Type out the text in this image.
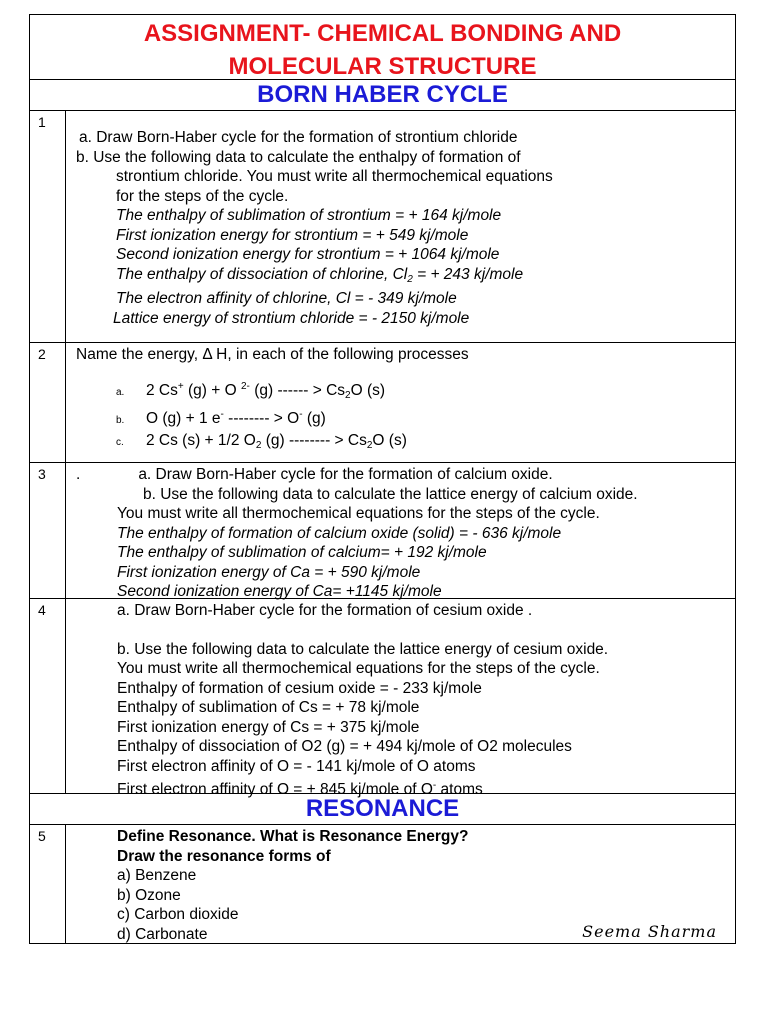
ASSIGNMENT- CHEMICAL BONDING AND
MOLECULAR STRUCTURE
BORN HABER CYCLE
1
a. Draw Born-Haber cycle for the formation of strontium chloride
b. Use the following data to calculate the enthalpy of formation of
strontium chloride. You must write all thermochemical equations
for the steps of the cycle.
The enthalpy of sublimation of strontium = + 164 kj/mole
First ionization energy for strontium = + 549 kj/mole
Second ionization energy for strontium = + 1064 kj/mole
The enthalpy of dissociation of chlorine, $Cl_2$ = + 243 kj/mole
The electron affinity of chlorine, Cl = - 349 kj/mole
Lattice energy of strontium chloride = - 2150 kj/mole
2	Name the energy, Δ H, in each of the following processes
a. 2 Cs+ (g) + O $^{2-}$ (g) ------ > $Cs_2O$ (s)
b. O (g) + 1 e- -------- > O- (g)
c. 2 Cs (s) + 1/2 $O_2$ (g) -------- > $Cs_2O$ (s)
3	.	a. Draw Born-Haber cycle for the formation of calcium oxide.
b. Use the following data to calculate the lattice energy of calcium oxide.
You must write all thermochemical equations for the steps of the cycle.
The enthalpy of formation of calcium oxide (solid) = - 636 kj/mole
The enthalpy of sublimation of calcium= + 192 kj/mole
First ionization energy of Ca = + 590 kj/mole
Second ionization energy of Ca= +1145 kj/mole
4	a. Draw Born-Haber cycle for the formation of cesium oxide .
b. Use the following data to calculate the lattice energy of cesium oxide.
You must write all thermochemical equations for the steps of the cycle.
Enthalpy of formation of cesium oxide = - 233 kj/mole
Enthalpy of sublimation of Cs = + 78 kj/mole
First ionization energy of Cs = + 375 kj/mole
Enthalpy of dissociation of O2 (g) = + 494 kj/mole of O2 molecules
First electron affinity of O = - 141 kj/mole of O atoms
First electron affinity of O = + 845 kj/mole of O- atoms
RESONANCE
5	Define Resonance. What is Resonance Energy?
Draw the resonance forms of
a) Benzene
b) Ozone
c) Carbon dioxide
d) Carbonate	Seema Sharma
